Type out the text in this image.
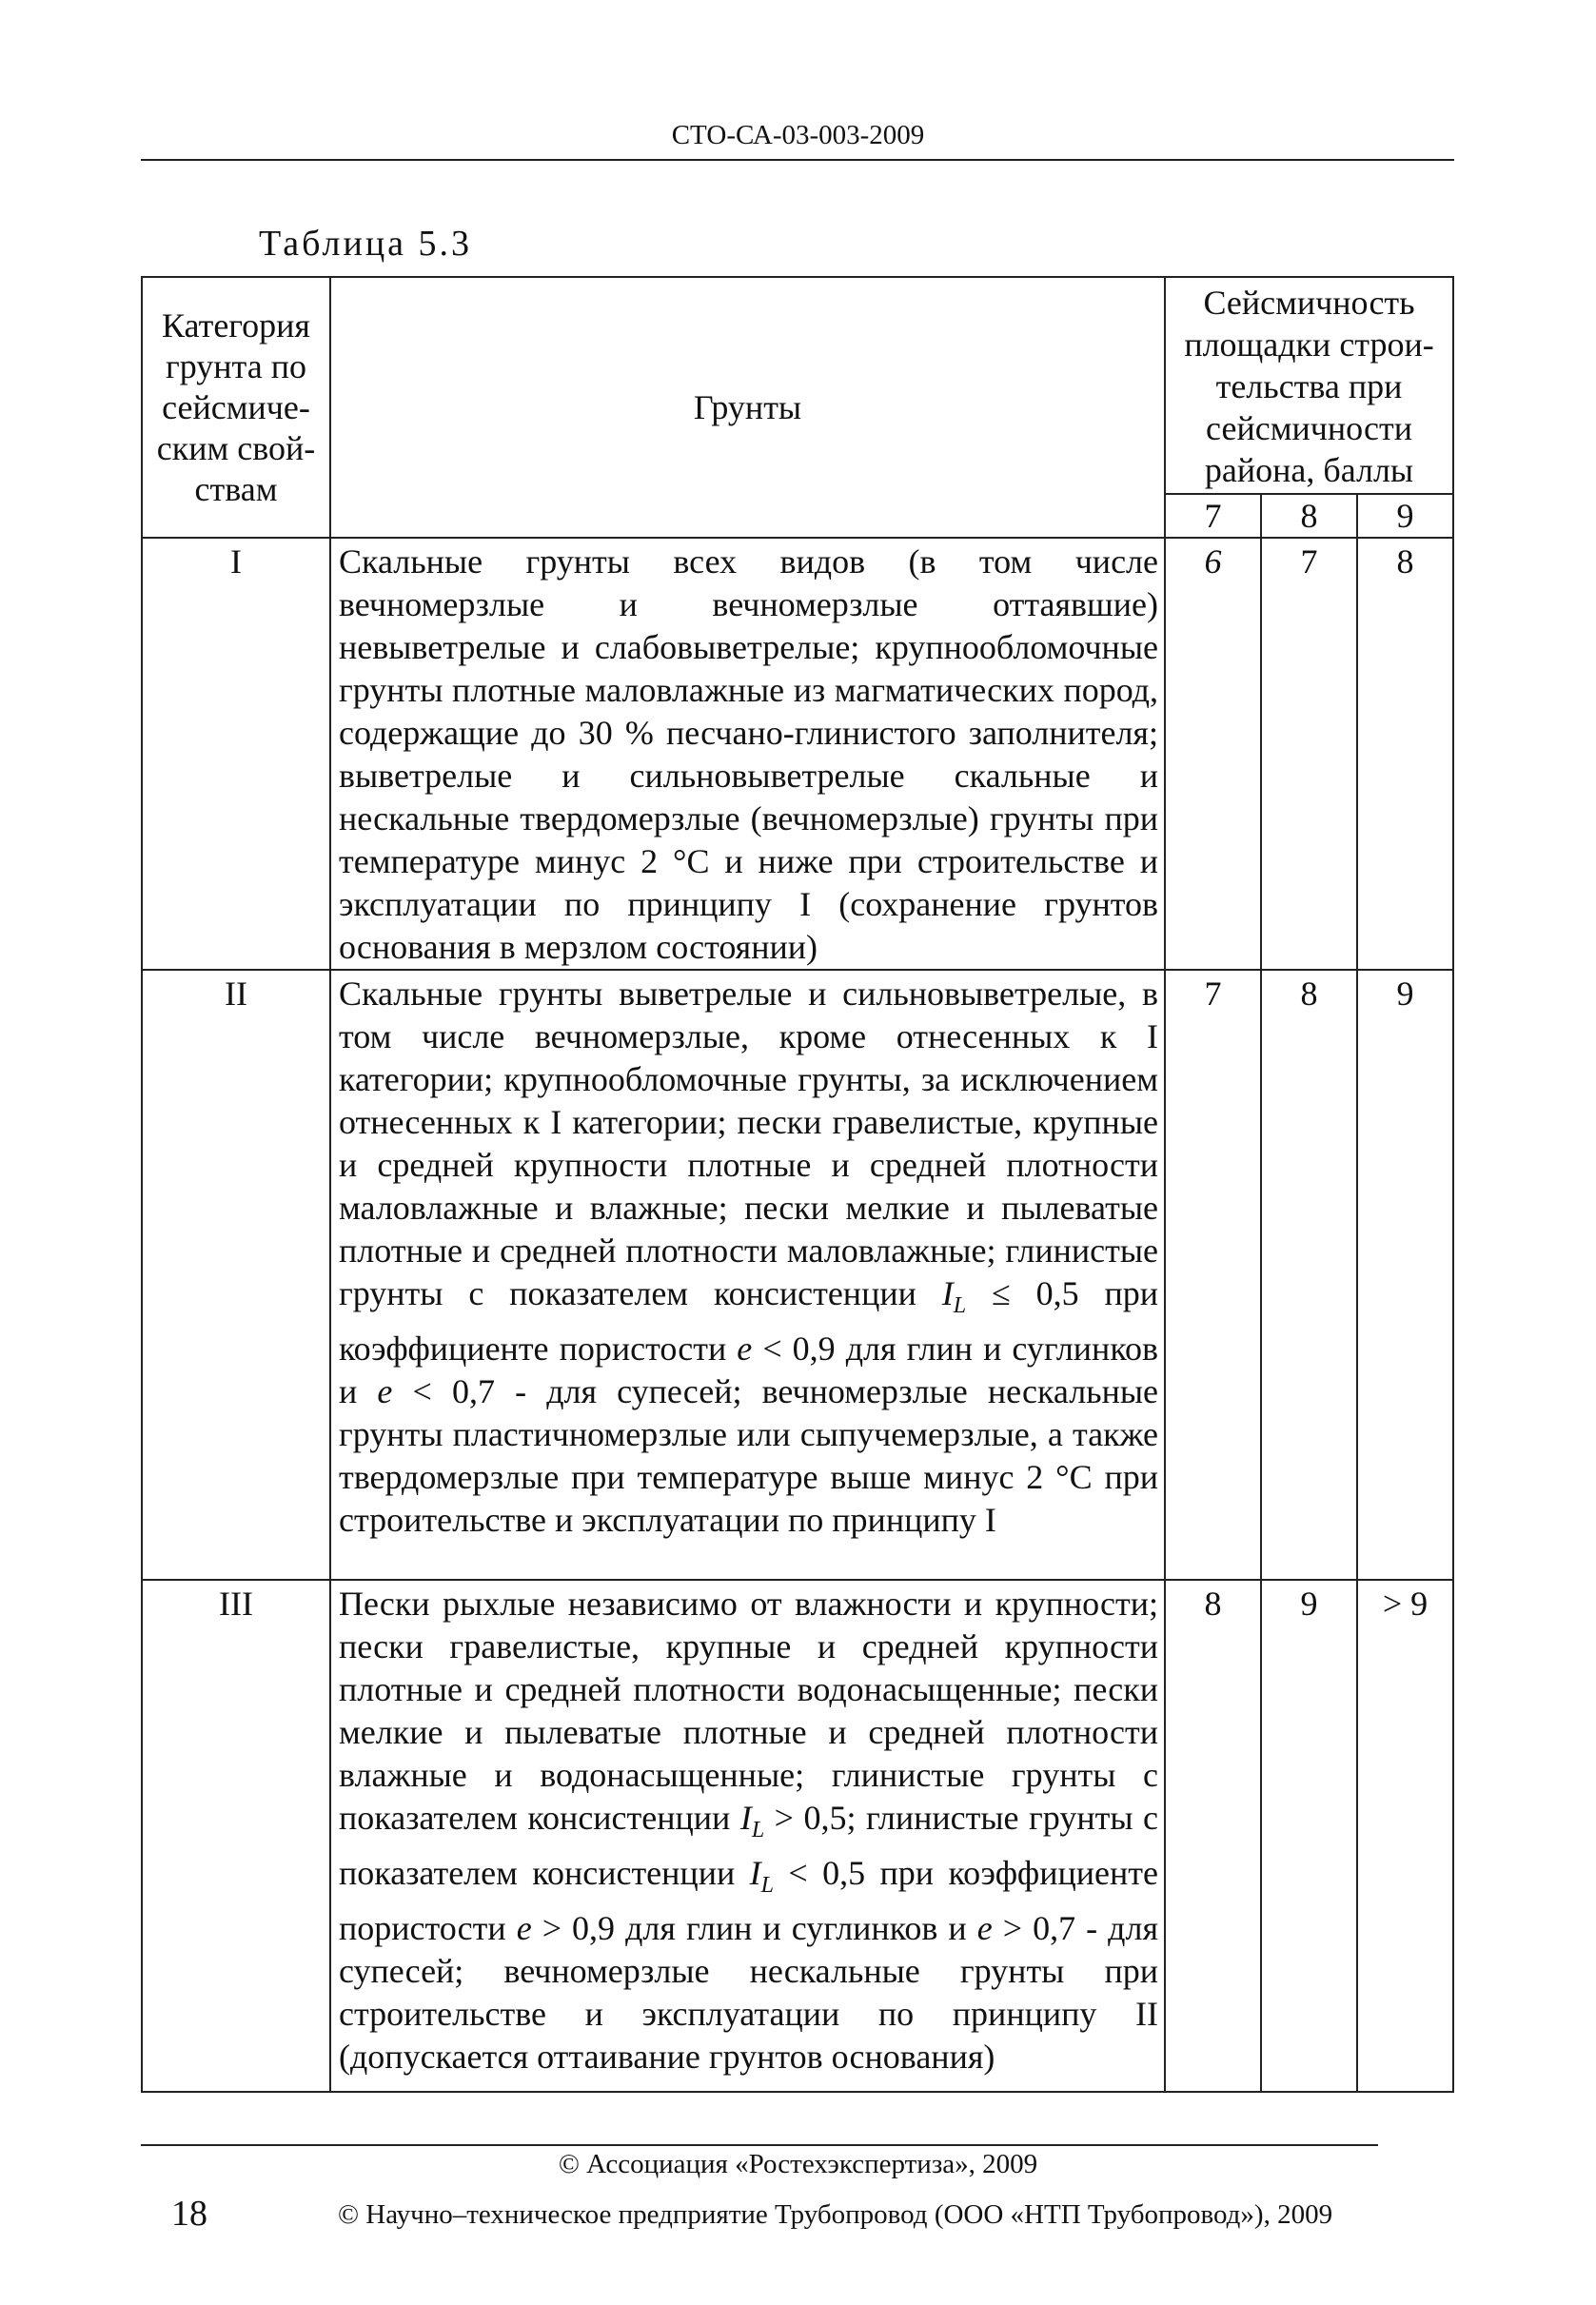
СТО-СА-03-003-2009
Таблица 5.3
Категория
грунта по
сейсмиче-
ским свой-
ствам	Грунты	Сейсмичность
площадки строи-
тельства при
сейсмичности
района, баллы		
		7	8	9
I	Скальные грунты всех видов (в том числе вечномерзлые и вечномерзлые оттаявшие) невыветрелые и слабовыветрелые; крупнообломочные грунты плотные маловлажные из магматических пород, содержащие до 30 % песчано-глинистого заполнителя; выветрелые и сильновыветрелые скальные и нескальные твердомерзлые (вечномерзлые) грунты при температуре минус 2 °С и ниже при строительстве и эксплуатации по принципу I (сохранение грунтов основания в мерзлом состоянии)	6	7	8
II	Скальные грунты выветрелые и сильновыветрелые, в том числе вечномерзлые, кроме отнесенных к I категории; крупнообломочные грунты, за исключением отнесенных к I категории; пески гравелистые, крупные и средней крупности плотные и средней плотности маловлажные и влажные; пески мелкие и пылеватые плотные и средней плотности маловлажные; глинистые грунты с показателем консистенции $I_L \le 0,5$ при коэффициенте пористости e < 0,9 для глин и суглинков и e < 0,7 - для супесей; вечномерзлые нескальные грунты пластичномерзлые или сыпучемерзлые, а также твердомерзлые при температуре выше минус 2 °С при строительстве и эксплуатации по принципу I	7	8	9
III	Пески рыхлые независимо от влажности и крупности; пески гравелистые, крупные и средней крупности плотные и средней плотности водонасыщенные; пески мелкие и пылеватые плотные и средней плотности влажные и водонасыщенные; глинистые грунты с показателем консистенции $I_L > 0,5$; глинистые грунты с показателем консистенции $I_L < 0,5$ при коэффициенте пористости e > 0,9 для глин и суглинков и e > 0,7 - для супесей; вечномерзлые нескальные грунты при строительстве и эксплуатации по принципу II (допускается оттаивание грунтов основания)	8	9	> 9
© Ассоциация «Ростехэкспертиза», 2009
18	© Научно–техническое предприятие Трубопровод (ООО «НТП Трубопровод»), 2009
